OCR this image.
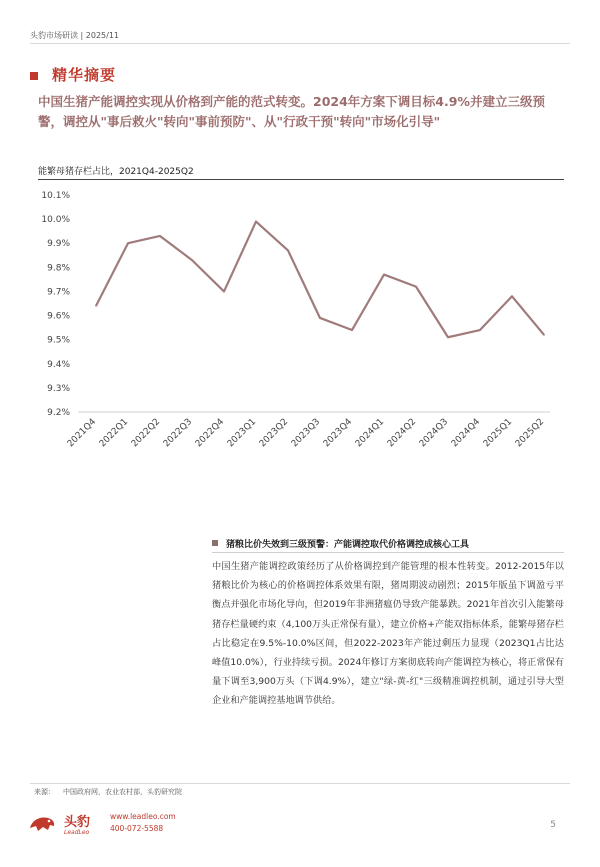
头豹市场研读 | 2025/11
精华摘要
中国生猪产能调控实现从价格到产能的范式转变。2024年方案下调目标4.9%并建立三级预警，调控从"事后救火"转向"事前预防"、从"行政干预"转向"市场化引导"
能繁母猪存栏占比，2021Q4-2025Q2
9.2%
9.3%
9.4%
9.5%
9.6%
9.7%
9.8%
9.9%
10.0%
10.1%
2021Q4 2022Q1 2022Q2 2022Q3 2022Q4 2023Q1 2023Q2 2023Q3 2023Q4 2024Q1 2024Q2 2024Q3 2024Q4 2025Q1 2025Q2
猪粮比价失效到三级预警：产能调控取代价格调控成核心工具
中国生猪产能调控政策经历了从价格调控到产能管理的根本性转变。2012-2015年以猪粮比价为核心的价格调控体系效果有限，猪周期波动剧烈；2015年版虽下调盈亏平衡点并强化市场化导向，但2019年非洲猪瘟仍导致产能暴跌。2021年首次引入能繁母猪存栏量硬约束（4,100万头正常保有量），建立价格+产能双指标体系，能繁母猪存栏占比稳定在9.5%-10.0%区间，但2022-2023年产能过剩压力显现（2023Q1占比达峰值10.0%），行业持续亏损。2024年修订方案彻底转向产能调控为核心，将正常保有量下调至3,900万头（下调4.9%），建立"绿-黄-红"三级精准调控机制，通过引导大型企业和产能调控基地调节供给。
来源： 中国政府网，农业农村部，头豹研究院
头豹
LeadLeo
www.leadleo.com
400-072-5588	5
